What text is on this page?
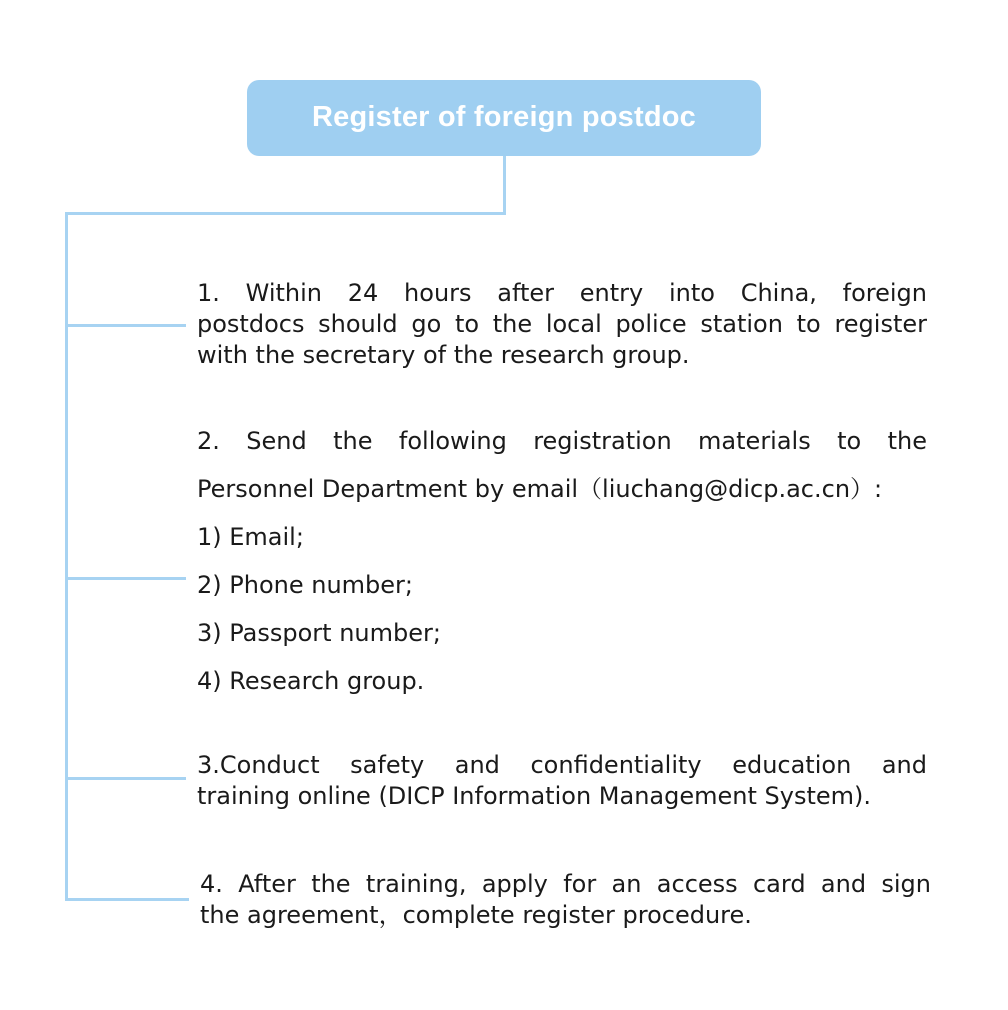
Register of foreign postdoc
1. Within 24 hours after entry into China, foreign
postdocs should go to the local police station to register
with the secretary of the research group.
2. Send the following registration materials to the
Personnel Department by email（liuchang@dicp.ac.cn）:
1) Email;
2) Phone number;
3) Passport number;
4) Research group.
3.Conduct safety and confidentiality education and
training online (DICP Information Management System).
4. After the training, apply for an access card and sign
the agreement，complete register procedure.
